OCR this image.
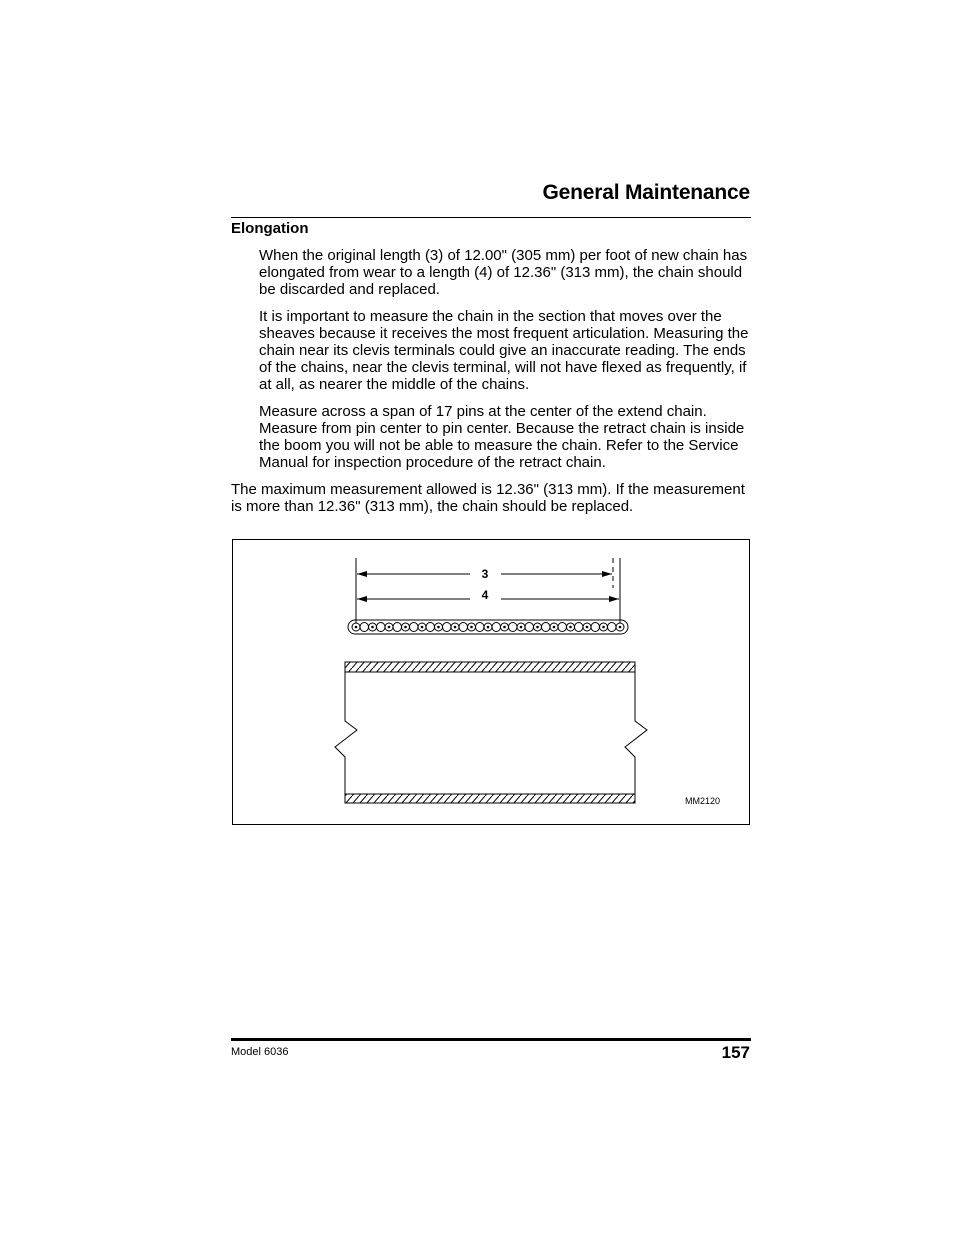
General Maintenance
Elongation

When the original length (3) of 12.00" (305 mm) per foot of new chain has elongated from wear to a length (4) of 12.36" (313 mm), the chain should be discarded and replaced.

It is important to measure the chain in the section that moves over the sheaves because it receives the most frequent articulation. Measuring the chain near its clevis terminals could give an inaccurate reading. The ends of the chains, near the clevis terminal, will not have flexed as frequently, if at all, as nearer the middle of the chains.

Measure across a span of 17 pins at the center of the extend chain. Measure from pin center to pin center. Because the retract chain is inside the boom you will not be able to measure the chain. Refer to the Service Manual for inspection procedure of the retract chain.

The maximum measurement allowed is 12.36" (313 mm). If the measurement is more than 12.36" (313 mm), the chain should be replaced.

3
4
MM2120
Model 6036	157
